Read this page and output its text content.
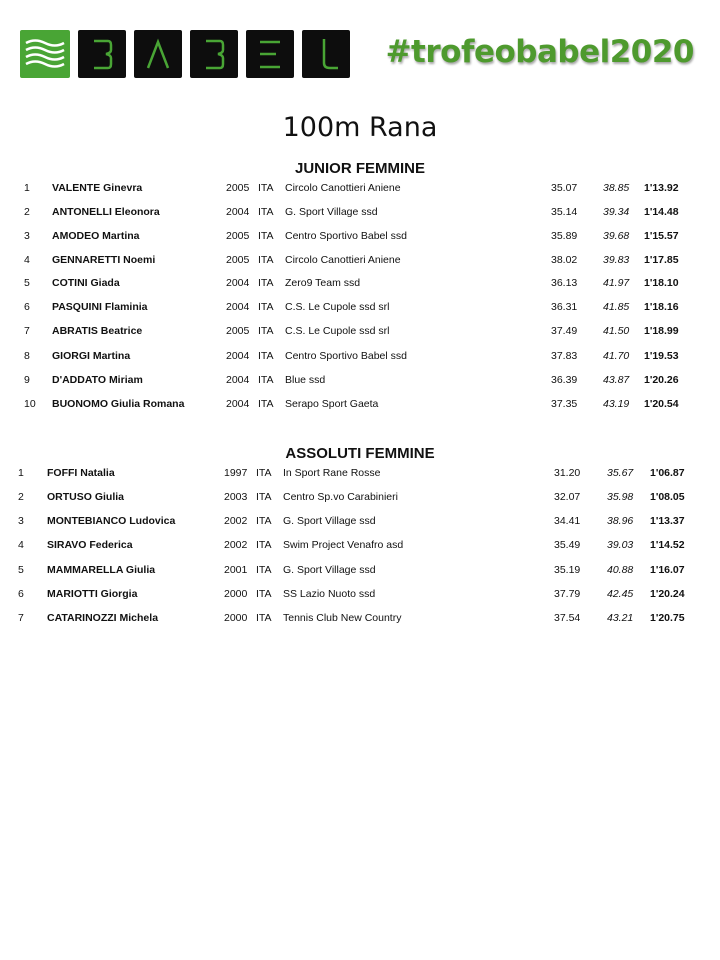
#trofeobabel2020
100m Rana
JUNIOR FEMMINE
1	VALENTE Ginevra	2005 ITA Circolo Canottieri Aniene	35.07 38.85 1'13.92
2	ANTONELLI Eleonora	2004 ITA G. Sport Village ssd	35.14 39.34 1'14.48
3	AMODEO Martina	2005 ITA Centro Sportivo Babel ssd	35.89 39.68 1'15.57
4	GENNARETTI Noemi	2005 ITA Circolo Canottieri Aniene	38.02 39.83 1'17.85
5	COTINI Giada	2004 ITA Zero9 Team ssd	36.13 41.97 1'18.10
6	PASQUINI Flaminia	2004 ITA C.S. Le Cupole ssd srl	36.31 41.85 1'18.16
7	ABRATIS Beatrice	2005 ITA C.S. Le Cupole ssd srl	37.49 41.50 1'18.99
8	GIORGI Martina	2004 ITA Centro Sportivo Babel ssd	37.83 41.70 1'19.53
9	D'ADDATO Miriam	2004 ITA Blue ssd	36.39 43.87 1'20.26
10	BUONOMO Giulia Romana	2004 ITA Serapo Sport Gaeta	37.35 43.19 1'20.54
ASSOLUTI FEMMINE
1	FOFFI Natalia	1997 ITA In Sport Rane Rosse	31.20	35.67 1'06.87
2	ORTUSO Giulia	2003 ITA Centro Sp.vo Carabinieri	32.07	35.98 1'08.05
3	MONTEBIANCO Ludovica	2002 ITA G. Sport Village ssd	34.41	38.96 1'13.37
4	SIRAVO Federica	2002 ITA Swim Project Venafro asd	35.49	39.03 1'14.52
5	MAMMARELLA Giulia	2001 ITA G. Sport Village ssd	35.19	40.88 1'16.07
6	MARIOTTI Giorgia	2000 ITA SS Lazio Nuoto ssd	37.79	42.45 1'20.24
7	CATARINOZZI Michela	2000 ITA Tennis Club New Country	37.54	43.21 1'20.75
